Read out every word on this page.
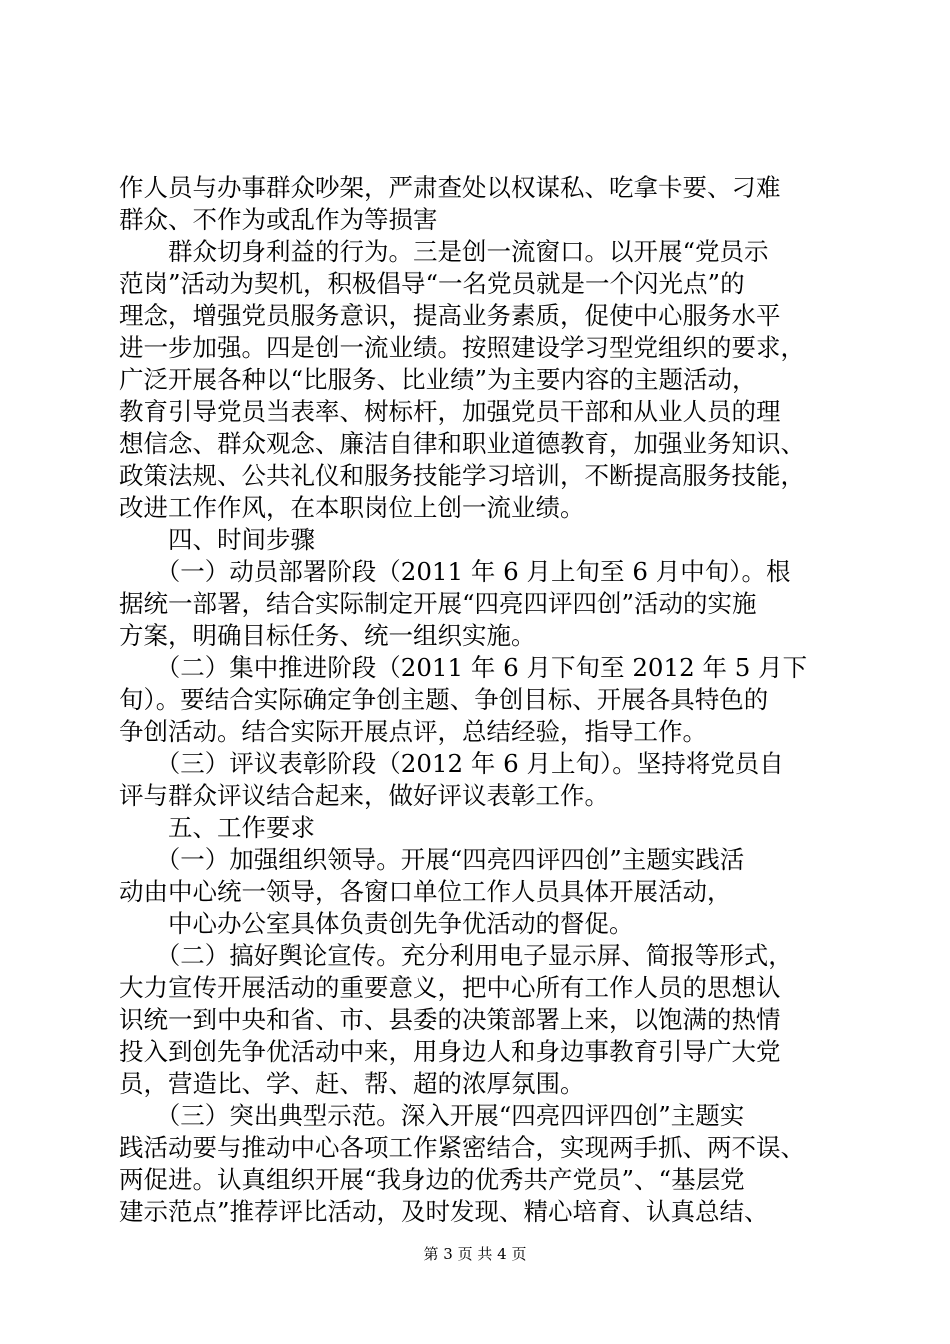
作人员与办事群众吵架，严肃查处以权谋私、吃拿卡要、刁难
群众、不作为或乱作为等损害
　　群众切身利益的行为。三是创一流窗口。以开展“党员示
范岗”活动为契机，积极倡导“一名党员就是一个闪光点”的
理念，增强党员服务意识，提高业务素质，促使中心服务水平
进一步加强。四是创一流业绩。按照建设学习型党组织的要求，
广泛开展各种以“比服务、比业绩”为主要内容的主题活动，
教育引导党员当表率、树标杆，加强党员干部和从业人员的理
想信念、群众观念、廉洁自律和职业道德教育，加强业务知识、
政策法规、公共礼仪和服务技能学习培训，不断提高服务技能，
改进工作作风，在本职岗位上创一流业绩。
　　四、时间步骤
　　（一）动员部署阶段（2011 年 6 月上旬至 6 月中旬）。根
据统一部署，结合实际制定开展“四亮四评四创”活动的实施
方案，明确目标任务、统一组织实施。
　　（二）集中推进阶段（2011 年 6 月下旬至 2012 年 5 月下
旬）。要结合实际确定争创主题、争创目标、开展各具特色的
争创活动。结合实际开展点评，总结经验，指导工作。
　　（三）评议表彰阶段（2012 年 6 月上旬）。坚持将党员自
评与群众评议结合起来，做好评议表彰工作。
　　五、工作要求
　　（一）加强组织领导。开展“四亮四评四创”主题实践活
动由中心统一领导，各窗口单位工作人员具体开展活动，
　　中心办公室具体负责创先争优活动的督促。
　　（二）搞好舆论宣传。充分利用电子显示屏、简报等形式，
大力宣传开展活动的重要意义，把中心所有工作人员的思想认
识统一到中央和省、市、县委的决策部署上来，以饱满的热情
投入到创先争优活动中来，用身边人和身边事教育引导广大党
员，营造比、学、赶、帮、超的浓厚氛围。
　　（三）突出典型示范。深入开展“四亮四评四创”主题实
践活动要与推动中心各项工作紧密结合，实现两手抓、两不误、
两促进。认真组织开展“我身边的优秀共产党员”、“基层党
建示范点”推荐评比活动，及时发现、精心培育、认真总结、
第 3 页 共 4 页
